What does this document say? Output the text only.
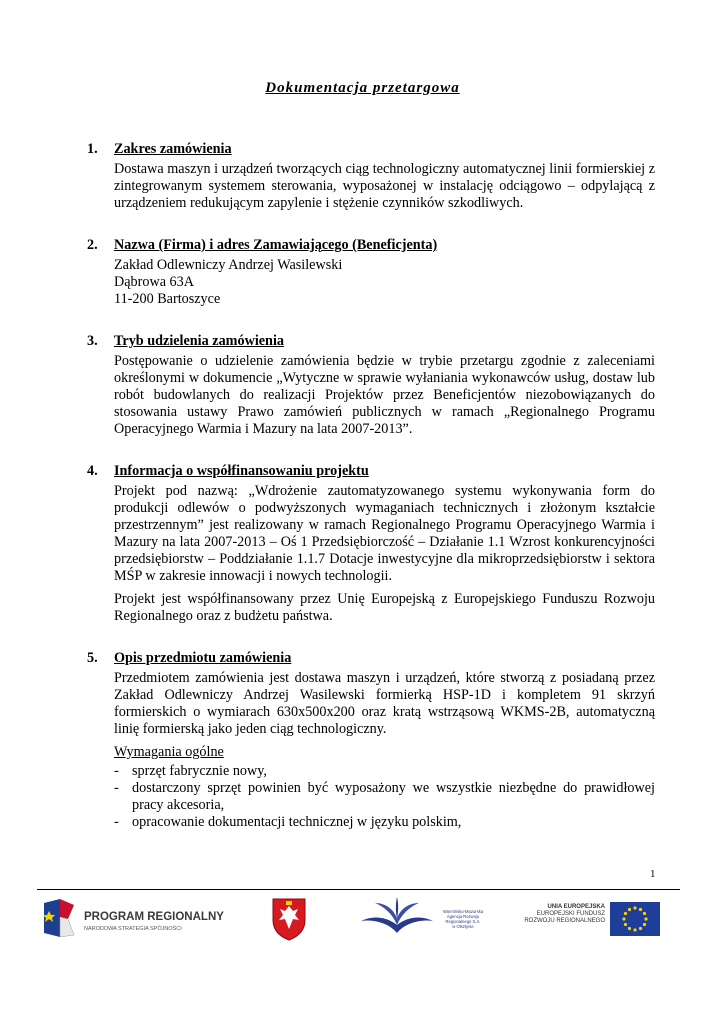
Dokumentacja przetargowa
1.	Zakres zamówienia

Dostawa maszyn i urządzeń tworzących ciąg technologiczny automatycznej linii formierskiej z zintegrowanym systemem sterowania, wyposażonej w instalację odciągowo – odpylającą z urządzeniem redukującym zapylenie i stężenie czynników szkodliwych.

2.	Nazwa (Firma) i adres Zamawiającego (Beneficjenta)
Zakład Odlewniczy Andrzej Wasilewski
Dąbrowa 63A
11-200 Bartoszyce
3.	Tryb udzielenia zamówienia

Postępowanie o udzielenie zamówienia będzie w trybie przetargu zgodnie z zaleceniami określonymi w dokumencie „Wytyczne w sprawie wyłaniania wykonawców usług, dostaw lub robót budowlanych do realizacji Projektów przez Beneficjentów niezobowiązanych do stosowania ustawy Prawo zamówień publicznych w ramach „Regionalnego Programu Operacyjnego Warmia i Mazury na lata 2007-2013”.

4.	Informacja o współfinansowaniu projektu

Projekt pod nazwą: „Wdrożenie zautomatyzowanego systemu wykonywania form do produkcji odlewów o podwyższonych wymaganiach technicznych i złożonym kształcie przestrzennym” jest realizowany w ramach Regionalnego Programu Operacyjnego Warmia i Mazury na lata 2007-2013 – Oś 1 Przedsiębiorczość – Działanie 1.1 Wzrost konkurencyjności przedsiębiorstw – Poddziałanie 1.1.7 Dotacje inwestycyjne dla mikroprzedsiębiorstw i sektora MŚP w zakresie innowacji i nowych technologii.

Projekt jest współfinansowany przez Unię Europejską z Europejskiego Funduszu Rozwoju Regionalnego oraz z budżetu państwa.

5.	Opis przedmiotu zamówienia

Przedmiotem zamówienia jest dostawa maszyn i urządzeń, które stworzą z posiadaną przez Zakład Odlewniczy Andrzej Wasilewski formierką HSP-1D i kompletem 91 skrzyń formierskich o wymiarach 630x500x200 oraz kratą wstrząsową WKMS-2B, automatyczną linię formierską jako jeden ciąg technologiczny.

Wymagania ogólne
- sprzęt fabrycznie nowy,
- dostarczony sprzęt powinien być wyposażony we wszystkie niezbędne do prawidłowej pracy akcesoria,
- opracowanie dokumentacji technicznej w języku polskim,
1
PROGRAM REGIONALNY
NARODOWA STRATEGIA SPÓJNOŚCI
Warmińsko-Mazurska
Agencja Rozwoju Regionalnego S.A.
w Olsztynie
UNIA EUROPEJSKA
EUROPEJSKI FUNDUSZ
ROZWOJU REGIONALNEGO
